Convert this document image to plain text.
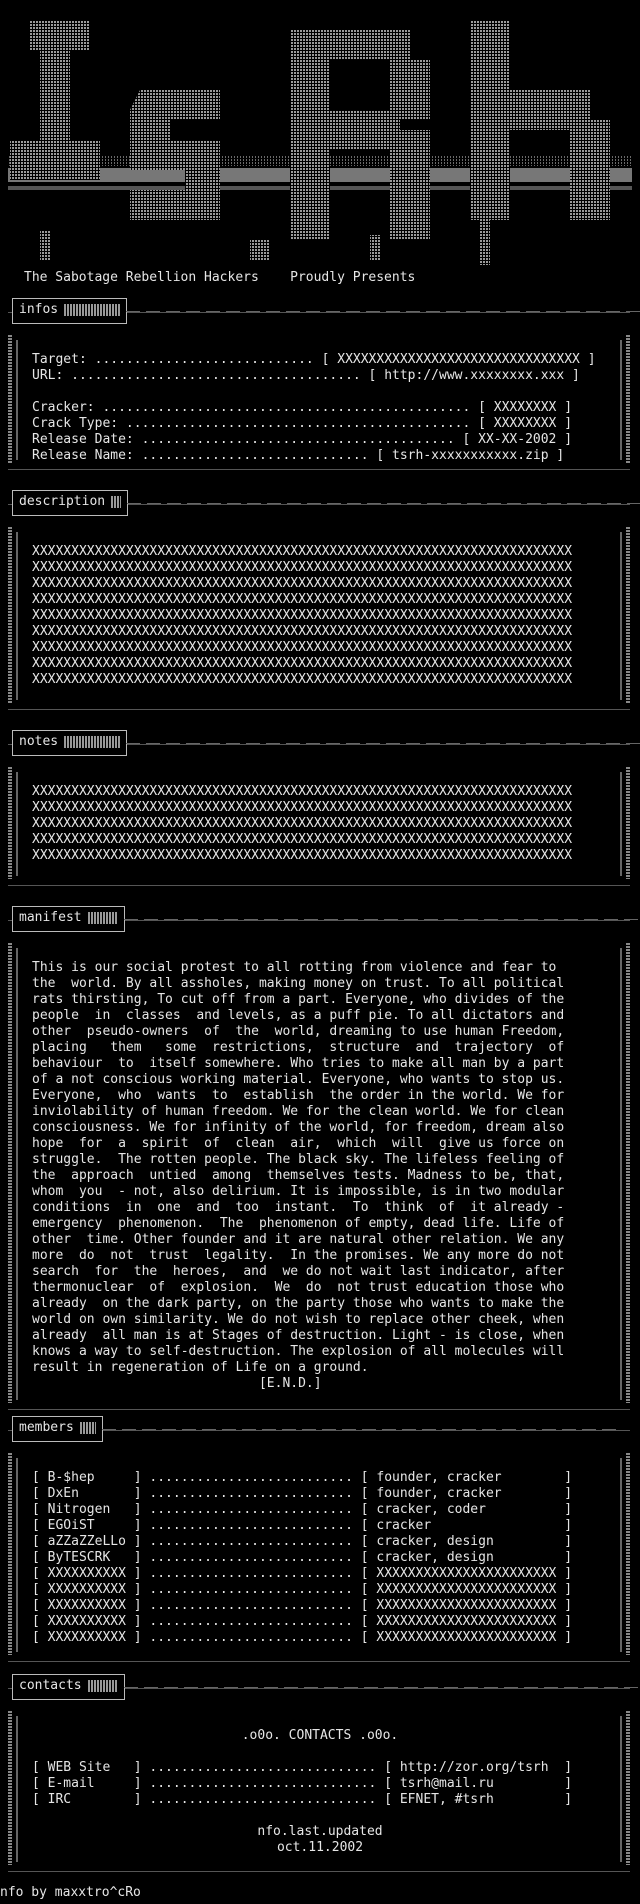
The Sabotage Rebellion Hackers Proudly Presents
infos
Target: ............................ [ XXXXXXXXXXXXXXXXXXXXXXXXXXXXXXX ]
URL: ..................................... [ http://www.xxxxxxxx.xxx ]
Cracker: ............................................... [ XXXXXXXX ]
Crack Type: ............................................ [ XXXXXXXX ]
Release Date: ........................................ [ XX-XX-2002 ]
Release Name: ............................. [ tsrh-xxxxxxxxxxx.zip ]
description
XXXXXXXXXXXXXXXXXXXXXXXXXXXXXXXXXXXXXXXXXXXXXXXXXXXXXXXXXXXXXXXXXXXXX
XXXXXXXXXXXXXXXXXXXXXXXXXXXXXXXXXXXXXXXXXXXXXXXXXXXXXXXXXXXXXXXXXXXXX
XXXXXXXXXXXXXXXXXXXXXXXXXXXXXXXXXXXXXXXXXXXXXXXXXXXXXXXXXXXXXXXXXXXXX
XXXXXXXXXXXXXXXXXXXXXXXXXXXXXXXXXXXXXXXXXXXXXXXXXXXXXXXXXXXXXXXXXXXXX
XXXXXXXXXXXXXXXXXXXXXXXXXXXXXXXXXXXXXXXXXXXXXXXXXXXXXXXXXXXXXXXXXXXXX
XXXXXXXXXXXXXXXXXXXXXXXXXXXXXXXXXXXXXXXXXXXXXXXXXXXXXXXXXXXXXXXXXXXXX
XXXXXXXXXXXXXXXXXXXXXXXXXXXXXXXXXXXXXXXXXXXXXXXXXXXXXXXXXXXXXXXXXXXXX
XXXXXXXXXXXXXXXXXXXXXXXXXXXXXXXXXXXXXXXXXXXXXXXXXXXXXXXXXXXXXXXXXXXXX
XXXXXXXXXXXXXXXXXXXXXXXXXXXXXXXXXXXXXXXXXXXXXXXXXXXXXXXXXXXXXXXXXXXXX
notes
XXXXXXXXXXXXXXXXXXXXXXXXXXXXXXXXXXXXXXXXXXXXXXXXXXXXXXXXXXXXXXXXXXXXX
XXXXXXXXXXXXXXXXXXXXXXXXXXXXXXXXXXXXXXXXXXXXXXXXXXXXXXXXXXXXXXXXXXXXX
XXXXXXXXXXXXXXXXXXXXXXXXXXXXXXXXXXXXXXXXXXXXXXXXXXXXXXXXXXXXXXXXXXXXX
XXXXXXXXXXXXXXXXXXXXXXXXXXXXXXXXXXXXXXXXXXXXXXXXXXXXXXXXXXXXXXXXXXXXX
XXXXXXXXXXXXXXXXXXXXXXXXXXXXXXXXXXXXXXXXXXXXXXXXXXXXXXXXXXXXXXXXXXXXX
manifest
This is our social protest to all rotting from violence and fear to
the  world. By all assholes, making money on trust. To all political
rats thirsting, To cut off from a part. Everyone, who divides of the
people  in  classes  and levels, as a puff pie. To all dictators and
other  pseudo-owners  of  the  world, dreaming to use human Freedom,
placing   them   some  restrictions,  structure  and  trajectory  of
behaviour  to  itself somewhere. Who tries to make all man by a part
of a not conscious working material. Everyone, who wants to stop us.
Everyone,  who  wants  to  establish  the order in the world. We for
inviolability of human freedom. We for the clean world. We for clean
consciousness. We for infinity of the world, for freedom, dream also
hope  for  a  spirit  of  clean  air,  which  will  give us force on
struggle.  The rotten people. The black sky. The lifeless feeling of
the  approach  untied  among  themselves tests. Madness to be, that,
whom  you  - not, also delirium. It is impossible, is in two modular
conditions  in  one  and  too  instant.  To  think  of  it already -
emergency  phenomenon.  The  phenomenon of empty, dead life. Life of
other  time. Other founder and it are natural other relation. We any
more  do  not  trust  legality.  In the promises. We any more do not
search  for  the  heroes,  and  we do not wait last indicator, after
thermonuclear  of  explosion.  We  do  not trust education those who
already  on the dark party, on the party those who wants to make the
world on own similarity. We do not wish to replace other cheek, when
already  all man is at Stages of destruction. Light - is close, when
knows a way to self-destruction. The explosion of all molecules will
result in regeneration of Life on a ground.
[E.N.D.]
members
[ B-$hep     ] .......................... [ founder, cracker        ]
[ DxEn       ] .......................... [ founder, cracker        ]
[ Nitrogen   ] .......................... [ cracker, coder          ]
[ EGOiST     ] .......................... [ cracker                 ]
[ aZZaZZeLLo ] .......................... [ cracker, design         ]
[ ByTESCRK   ] .......................... [ cracker, design         ]
[ XXXXXXXXXX ] .......................... [ XXXXXXXXXXXXXXXXXXXXXXX ]
[ XXXXXXXXXX ] .......................... [ XXXXXXXXXXXXXXXXXXXXXXX ]
[ XXXXXXXXXX ] .......................... [ XXXXXXXXXXXXXXXXXXXXXXX ]
[ XXXXXXXXXX ] .......................... [ XXXXXXXXXXXXXXXXXXXXXXX ]
[ XXXXXXXXXX ] .......................... [ XXXXXXXXXXXXXXXXXXXXXXX ]
contacts
.o0o. CONTACTS .o0o.
[ WEB Site   ] ............................. [ http://zor.org/tsrh  ]
[ E-mail     ] ............................. [ tsrh@mail.ru         ]
[ IRC        ] ............................. [ EFNET, #tsrh         ]
nfo.last.updated
oct.11.2002
nfo by maxxtro^cRo
